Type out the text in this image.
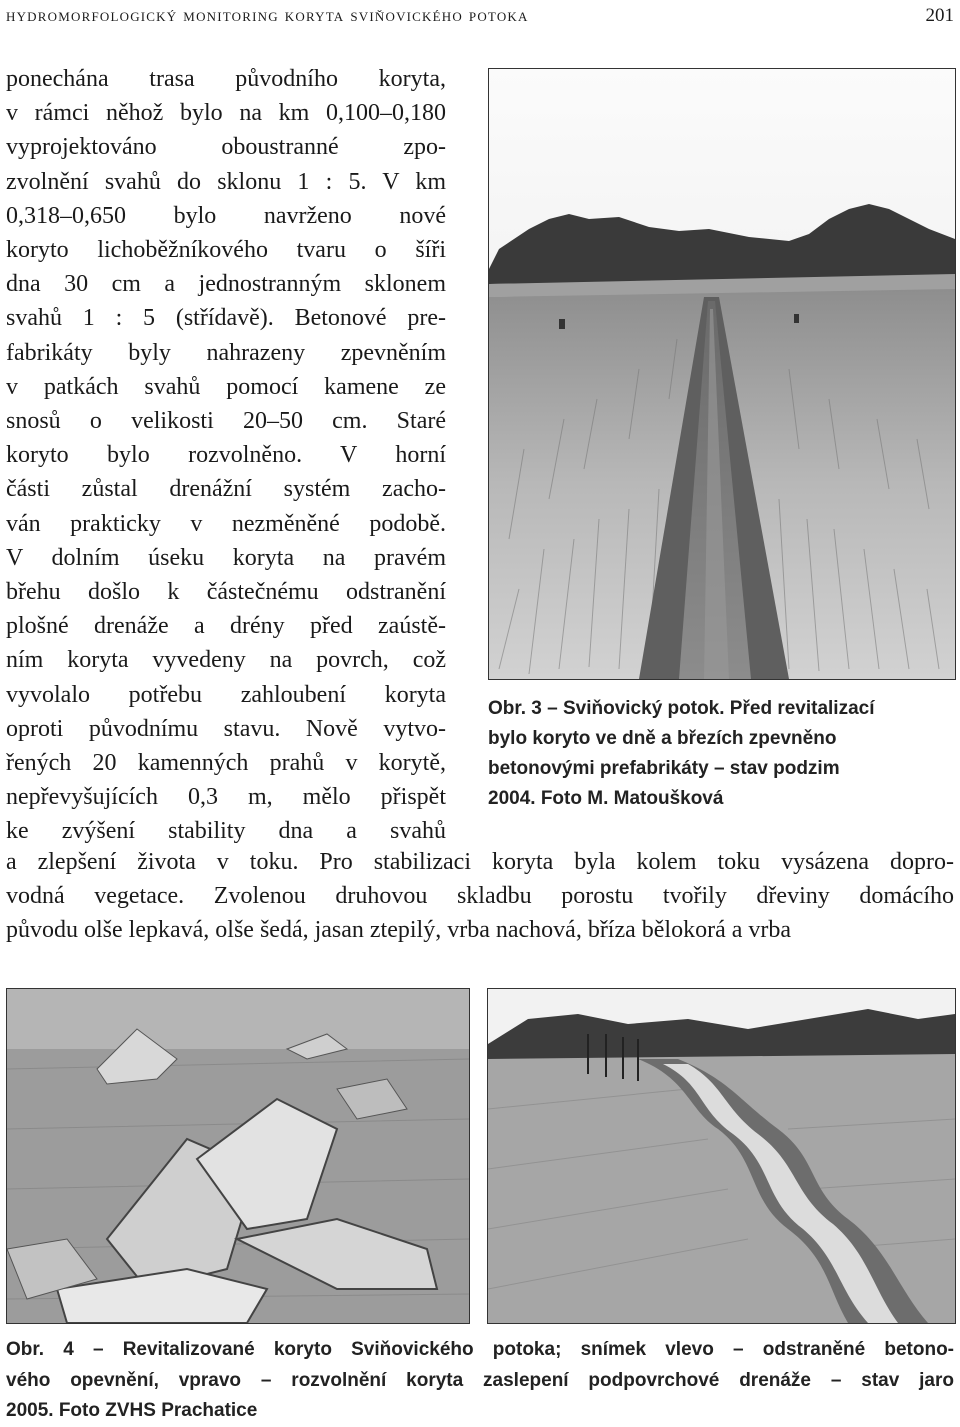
hydromorfologický monitoring koryta sviňovického potoka	201
ponechána trasa původního koryta,
v rámci něhož bylo na km 0,100–0,180
vyprojektováno oboustranné zpo-
zvolnění svahů do sklonu 1 : 5. V km
0,318–0,650 bylo navrženo nové
koryto lichoběžníkového tvaru o šíři
dna 30 cm a jednostranným sklonem
svahů 1 : 5 (střídavě). Betonové pre-
fabrikáty byly nahrazeny zpevněním
v patkách svahů pomocí kamene ze
snosů o velikosti 20–50 cm. Staré
koryto bylo rozvolněno. V horní
části zůstal drenážní systém zacho-
ván prakticky v nezměněné podobě.
V dolním úseku koryta na pravém
břehu došlo k částečnému odstranění
plošné drenáže a drény před zaústě-
ním koryta vyvedeny na povrch, což
vyvolalo potřebu zahloubení koryta
oproti původnímu stavu. Nově vytvo-
řených 20 kamenných prahů v korytě,
nepřevyšujících 0,3 m, mělo přispět
ke zvýšení stability dna a svahů
Obr. 3 – Sviňovický potok. Před revitalizací
bylo koryto ve dně a březích zpevněno
betonovými prefabrikáty – stav podzim
2004. Foto M. Matoušková
a zlepšení života v toku. Pro stabilizaci koryta byla kolem toku vysázena dopro-
vodná vegetace. Zvolenou druhovou skladbu porostu tvořily dřeviny domácího
původu olše lepkavá, olše šedá, jasan ztepilý, vrba nachová, bříza bělokorá a vrba
Obr. 4 – Revitalizované koryto Sviňovického potoka; snímek vlevo – odstraněné betono-
vého opevnění, vpravo – rozvolnění koryta zaslepení podpovrchové drenáže – stav jaro
2005. Foto ZVHS Prachatice
